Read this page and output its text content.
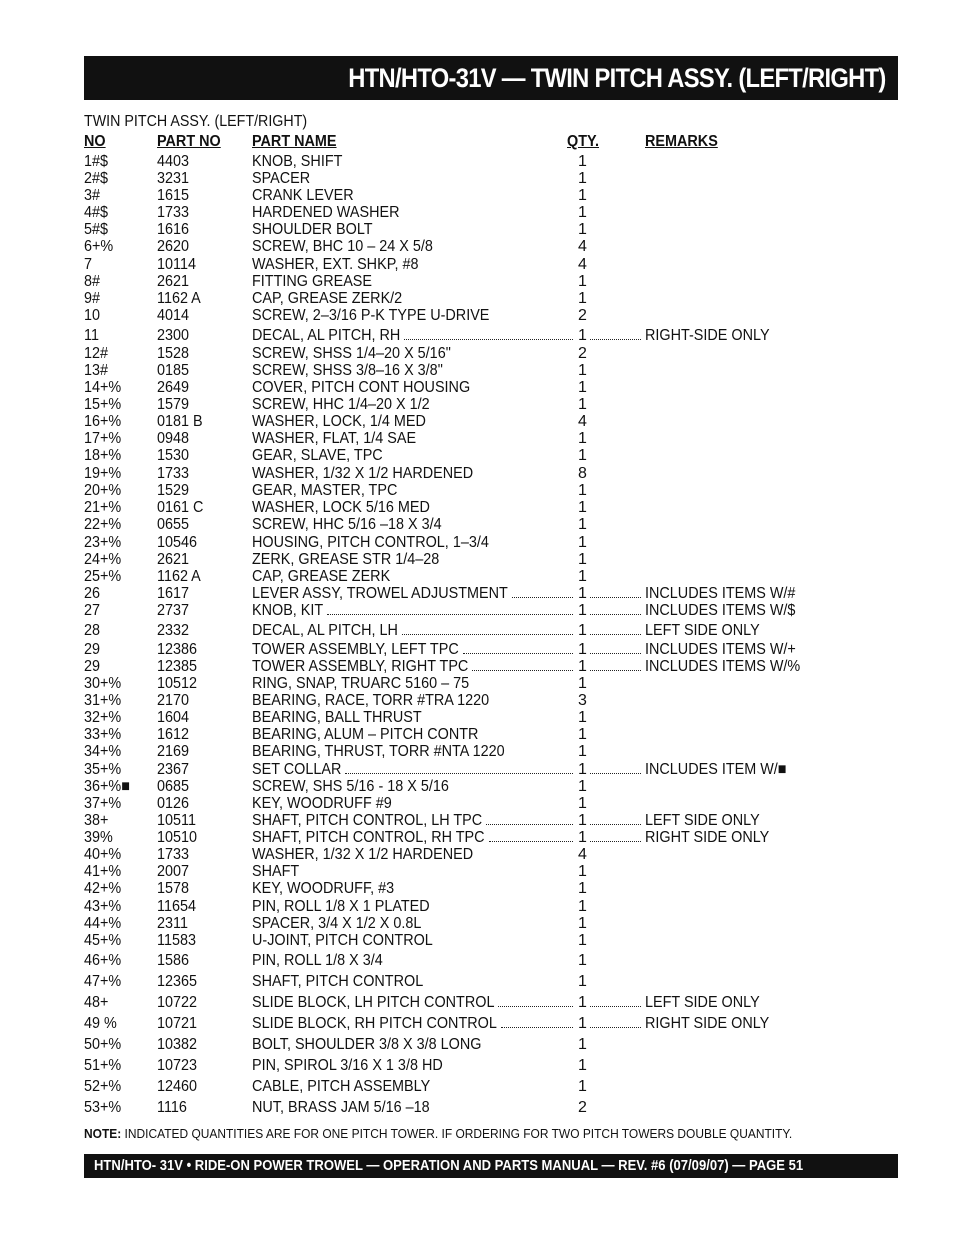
HTN/HTO-31V — TWIN PITCH ASSY. (LEFT/RIGHT)
TWIN PITCH ASSY. (LEFT/RIGHT)
NO	PART NO PART NAME	QTY.	REMARKS
1#$	4403	KNOB, SHIFT	1
2#$	3231	SPACER	1
3#	1615	CRANK LEVER	1
4#$	1733	HARDENED WASHER	1
5#$	1616	SHOULDER BOLT	1
6+%	2620	SCREW, BHC 10 – 24 X 5/8	4
7	10114	WASHER, EXT. SHKP, #8	4
8#	2621	FITTING GREASE	1
9#	1162 A	CAP, GREASE ZERK/2	1
10	4014	SCREW, 2–3/16 P-K TYPE U-DRIVE	2
11	2300	DECAL, AL PITCH, RH	1	RIGHT-SIDE ONLY
12#	1528	SCREW, SHSS 1/4–20 X 5/16"	2
13#	0185	SCREW, SHSS 3/8–16 X 3/8"	1
14+% 2649	COVER, PITCH CONT HOUSING	1
15+% 1579	SCREW, HHC 1/4–20 X 1/2	1
16+% 0181 B	WASHER, LOCK, 1/4 MED	4
17+% 0948	WASHER, FLAT, 1/4 SAE	1
18+% 1530	GEAR, SLAVE, TPC	1
19+% 1733	WASHER, 1/32 X 1/2 HARDENED	8
20+% 1529	GEAR, MASTER, TPC	1
21+% 0161 C	WASHER, LOCK 5/16 MED	1
22+% 0655	SCREW, HHC 5/16 –18 X 3/4	1
23+% 10546	HOUSING, PITCH CONTROL, 1–3/4	1
24+% 2621	ZERK, GREASE STR 1/4–28	1
25+% 1162 A	CAP, GREASE ZERK	1
26	1617	LEVER ASSY, TROWEL ADJUSTMENT	1	INCLUDES ITEMS W/#
27	2737	KNOB, KIT	1	INCLUDES ITEMS W/$
28	2332	DECAL, AL PITCH, LH	1	LEFT SIDE ONLY
29	12386	TOWER ASSEMBLY, LEFT TPC	1	INCLUDES ITEMS W/+
29	12385	TOWER ASSEMBLY, RIGHT TPC	1	INCLUDES ITEMS W/%
30+% 10512	RING, SNAP, TRUARC 5160 – 75	1
31+% 2170	BEARING, RACE, TORR #TRA 1220	3
32+% 1604	BEARING, BALL THRUST	1
33+% 1612	BEARING, ALUM – PITCH CONTR	1
34+% 2169	BEARING, THRUST, TORR #NTA 1220	1
35+% 2367	SET COLLAR	1	INCLUDES ITEM W/■
36+%■ 0685	SCREW, SHS 5/16 - 18 X 5/16	1
37+% 0126	KEY, WOODRUFF #9	1
38+	10511	SHAFT, PITCH CONTROL, LH TPC	1	LEFT SIDE ONLY
39%	10510	SHAFT, PITCH CONTROL, RH TPC	1	RIGHT SIDE ONLY
40+% 1733	WASHER, 1/32 X 1/2 HARDENED	4
41+% 2007	SHAFT	1
42+% 1578	KEY, WOODRUFF, #3	1
43+% 11654	PIN, ROLL 1/8 X 1 PLATED	1
44+% 2311	SPACER, 3/4 X 1/2 X 0.8L	1
45+% 11583	U-JOINT, PITCH CONTROL	1
46+% 1586	PIN, ROLL 1/8 X 3/4	1
47+% 12365	SHAFT, PITCH CONTROL	1
48+	10722	SLIDE BLOCK, LH PITCH CONTROL	1	LEFT SIDE ONLY
49 %	10721	SLIDE BLOCK, RH PITCH CONTROL	1	RIGHT SIDE ONLY
50+% 10382	BOLT, SHOULDER 3/8 X 3/8 LONG	1
51+% 10723	PIN, SPIROL 3/16 X 1 3/8 HD	1
52+% 12460	CABLE, PITCH ASSEMBLY	1
53+% 1116	NUT, BRASS JAM 5/16 –18	2
NOTE: INDICATED QUANTITIES ARE FOR ONE PITCH TOWER. IF ORDERING FOR TWO PITCH TOWERS DOUBLE QUANTITY.
HTN/HTO- 31V • RIDE-ON POWER TROWEL — OPERATION AND PARTS MANUAL — REV. #6 (07/09/07) — PAGE 51
